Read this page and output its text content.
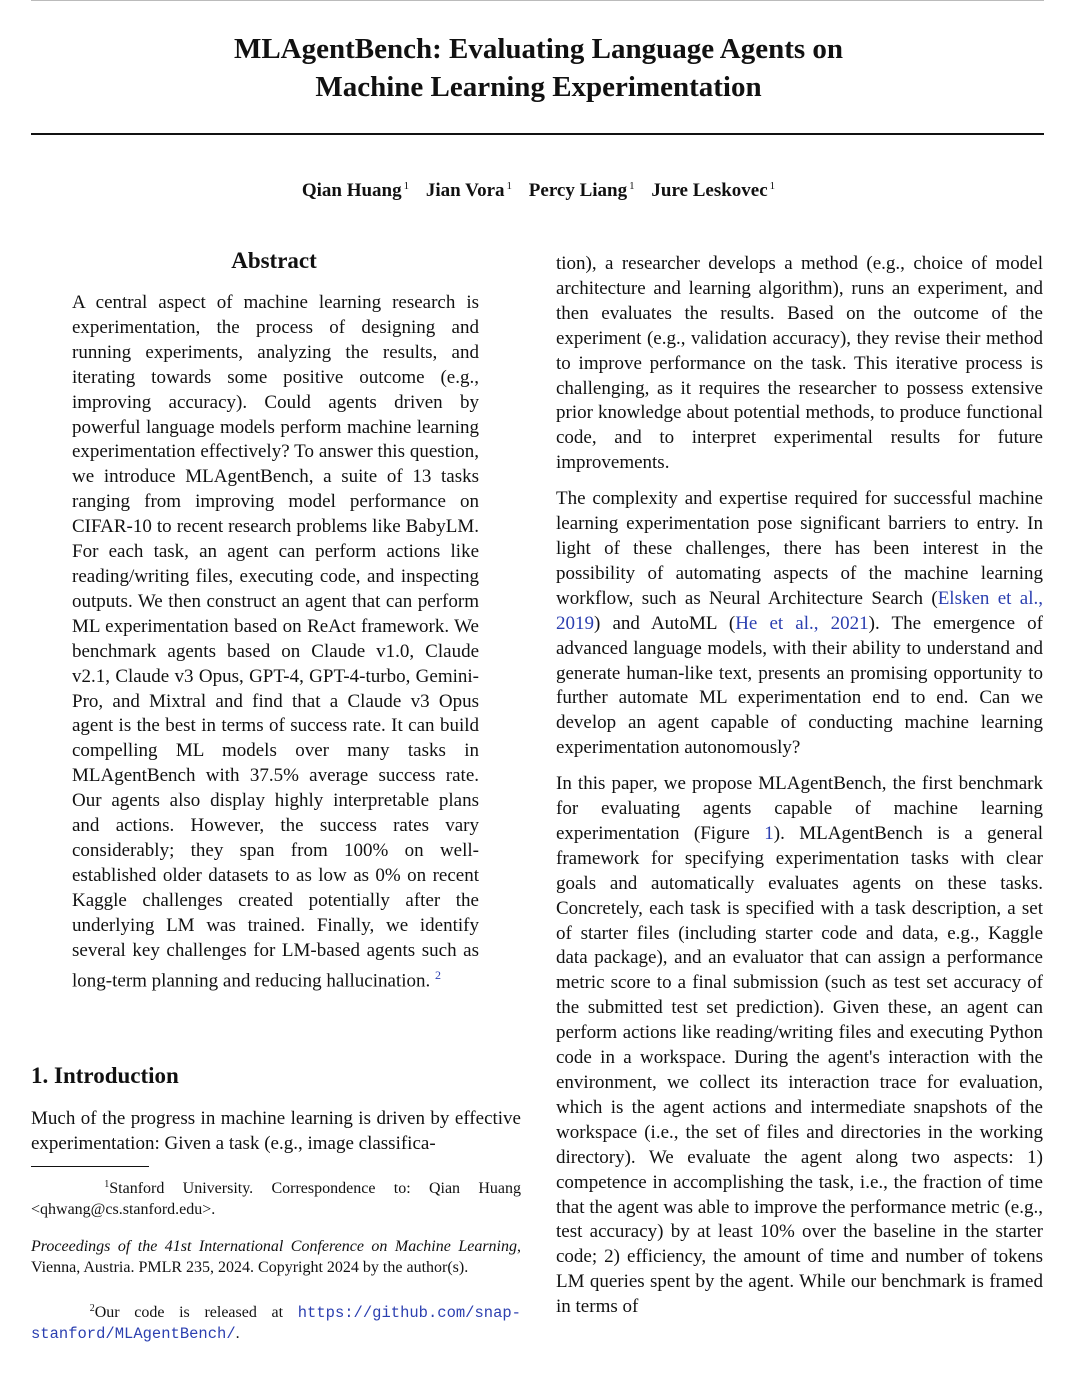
MLAgentBench: Evaluating Language Agents on
Machine Learning Experimentation
Qian Huang $^1$ Jian Vora $^1$ Percy Liang $^1$ Jure Leskovec $^1$
Abstract
A central aspect of machine learning research is experimentation, the process of designing and running experiments, analyzing the results, and iterating towards some positive outcome (e.g., improving accuracy). Could agents driven by powerful language models perform machine learning experimentation effectively? To answer this question, we introduce MLAgentBench, a suite of 13 tasks ranging from improving model performance on CIFAR-10 to recent research problems like BabyLM. For each task, an agent can perform actions like reading/writing files, executing code, and inspecting outputs. We then construct an agent that can perform ML experimentation based on ReAct framework. We benchmark agents based on Claude v1.0, Claude v2.1, Claude v3 Opus, GPT-4, GPT-4-turbo, Gemini-Pro, and Mixtral and find that a Claude v3 Opus agent is the best in terms of success rate. It can build compelling ML models over many tasks in MLAgentBench with 37.5% average success rate. Our agents also display highly interpretable plans and actions. However, the success rates vary considerably; they span from 100% on well-established older datasets to as low as 0% on recent Kaggle challenges created potentially after the underlying LM was trained. Finally, we identify several key challenges for LM-based agents such as long-term planning and reducing hallucination. $^2$
1. Introduction
Much of the progress in machine learning is driven by effective experimentation: Given a task (e.g., image classifica-
$^1$Stanford University. Correspondence to: Qian Huang <qhwang@cs.stanford.edu>.
Proceedings of the 41st International Conference on Machine Learning, Vienna, Austria. PMLR 235, 2024. Copyright 2024 by the author(s).
$^2$Our code is released at https://github.com/snap-stanford/MLAgentBench/.

tion), a researcher develops a method (e.g., choice of model architecture and learning algorithm), runs an experiment, and then evaluates the results. Based on the outcome of the experiment (e.g., validation accuracy), they revise their method to improve performance on the task. This iterative process is challenging, as it requires the researcher to possess extensive prior knowledge about potential methods, to produce functional code, and to interpret experimental results for future improvements.

The complexity and expertise required for successful machine learning experimentation pose significant barriers to entry. In light of these challenges, there has been interest in the possibility of automating aspects of the machine learning workflow, such as Neural Architecture Search (Elsken et al., 2019) and AutoML (He et al., 2021). The emergence of advanced language models, with their ability to understand and generate human-like text, presents an promising opportunity to further automate ML experimentation end to end. Can we develop an agent capable of conducting machine learning experimentation autonomously?

In this paper, we propose MLAgentBench, the first benchmark for evaluating agents capable of machine learning experimentation (Figure 1). MLAgentBench is a general framework for specifying experimentation tasks with clear goals and automatically evaluates agents on these tasks. Concretely, each task is specified with a task description, a set of starter files (including starter code and data, e.g., Kaggle data package), and an evaluator that can assign a performance metric score to a final submission (such as test set accuracy of the submitted test set prediction). Given these, an agent can perform actions like reading/writing files and executing Python code in a workspace. During the agent's interaction with the environment, we collect its interaction trace for evaluation, which is the agent actions and intermediate snapshots of the workspace (i.e., the set of files and directories in the working directory). We evaluate the agent along two aspects: 1) competence in accomplishing the task, i.e., the fraction of time that the agent was able to improve the performance metric (e.g., test accuracy) by at least 10% over the baseline in the starter code; 2) efficiency, the amount of time and number of tokens LM queries spent by the agent. While our benchmark is framed in terms of
